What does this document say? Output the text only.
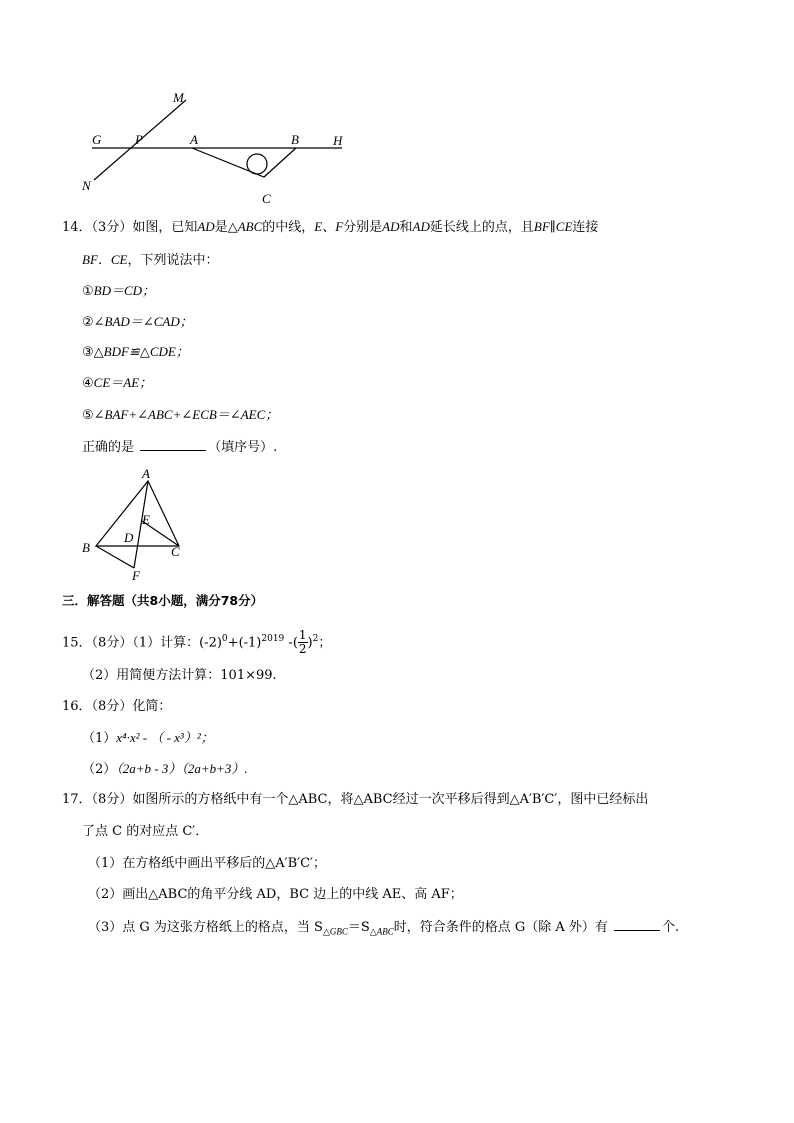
M
G	P	A	B	H
N
C
14．（3分）如图，已知AD是△ABC的中线，E、F分别是AD和AD延长线上的点，且BF∥CE连接
BF．CE，下列说法中：
①BD＝CD；
②∠BAD＝∠CAD；
③△BDF≌△CDE；
④CE＝AE；
⑤∠BAF+∠ABC+∠ECB＝∠AEC；
正确的是	（填序号）.
A
E
B
D
C
F
三．解答题（共8小题，满分78分）
15．（8分）（1）计算：$(-2)^0+(-1)^{2019}$ -( $\frac{1}{2} )^2$；
（2）用简便方法计算：101×99.
16．（8分）化简：
（1）x⁴·x² - （ - x³）²；
（2）（2a+b - 3）（2a+b+3）.
17．（8分）如图所示的方格纸中有一个△ABC，将△ABC经过一次平移后得到△A′B′C′，图中已经标出
了点 C 的对应点 C′．
（1）在方格纸中画出平移后的△A′B′C′；
（2）画出△ABC的角平分线 AD，BC 边上的中线 AE、高 AF；
（3）点 G 为这张方格纸上的格点，当 $S_{\triangle GBC}=S_{\triangle ABC}$时，符合条件的格点 G（除 A 外）有	个.
